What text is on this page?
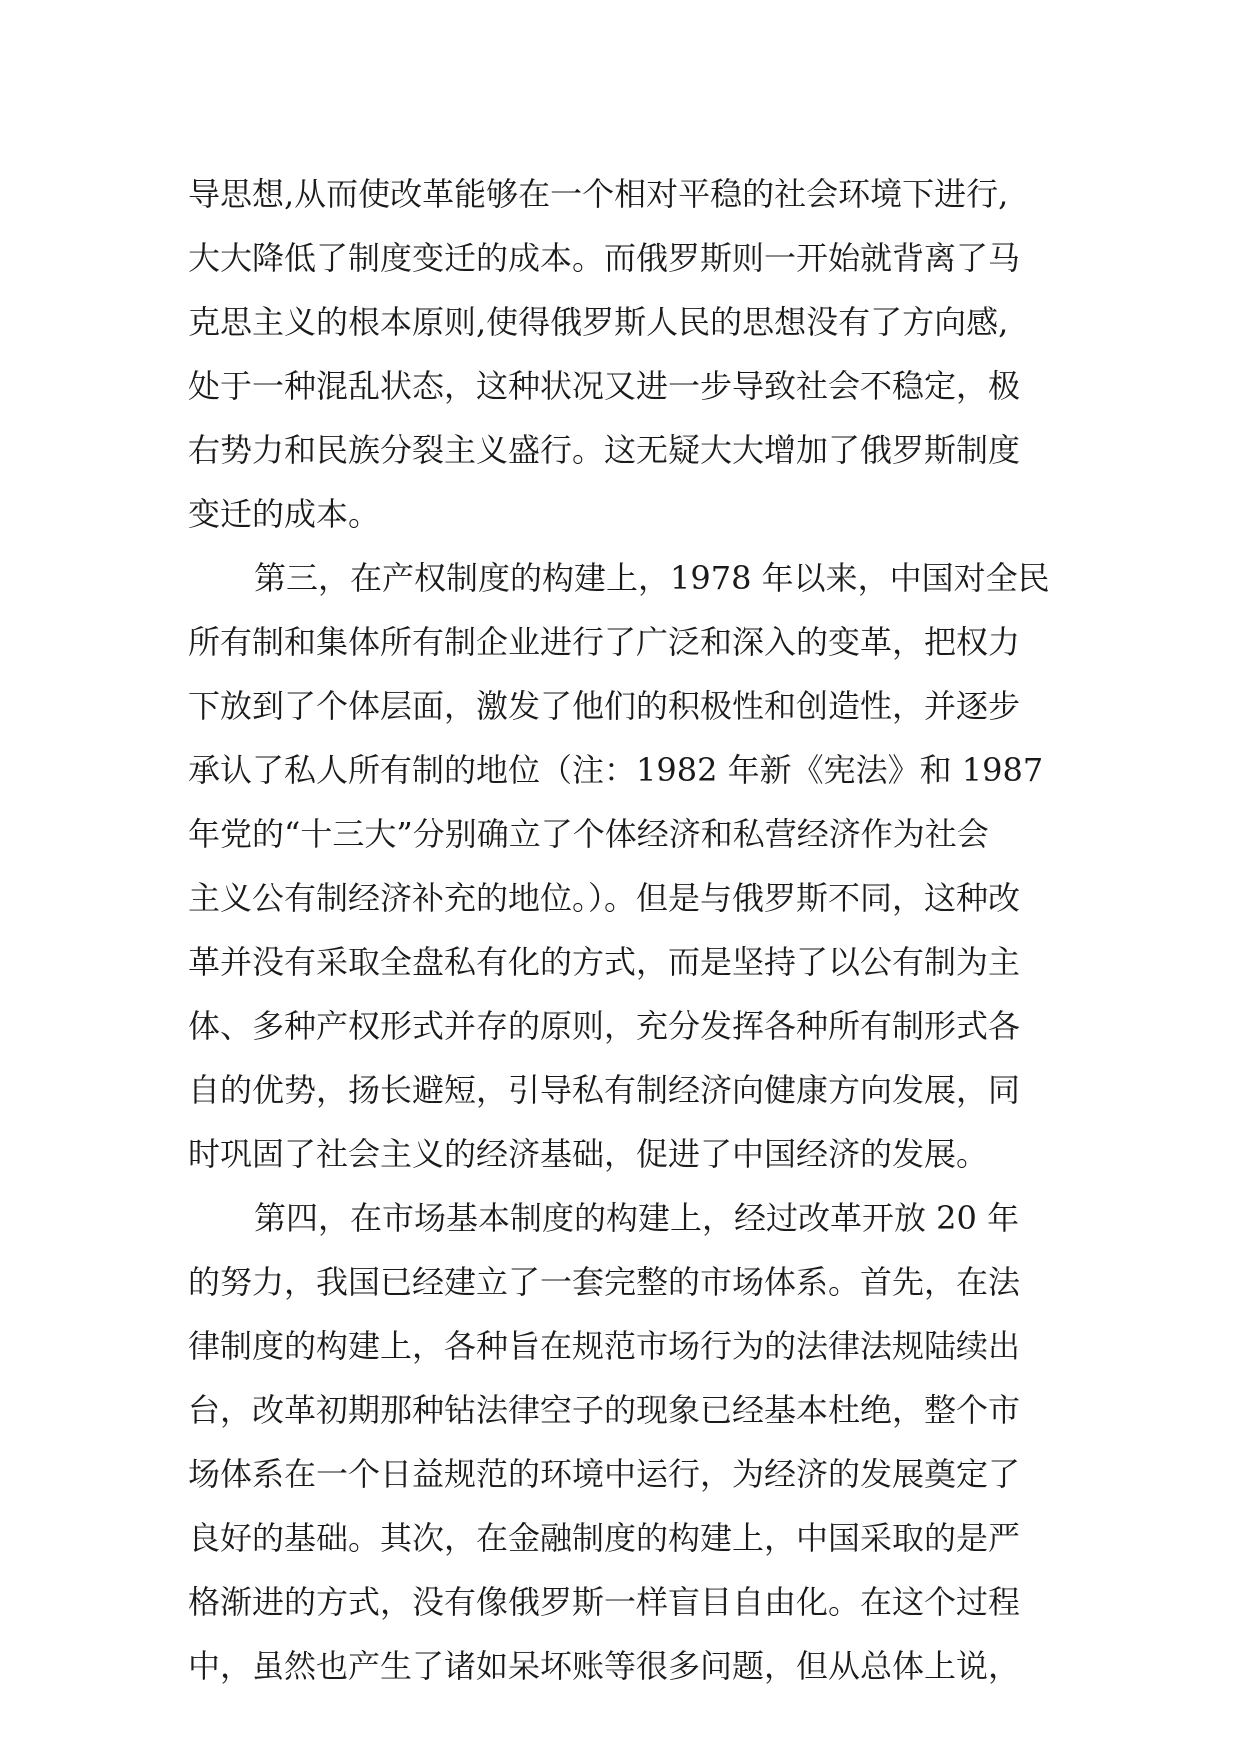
导思想,从而使改革能够在一个相对平稳的社会环境下进行,
大大降低了制度变迁的成本。而俄罗斯则一开始就背离了马
克思主义的根本原则,使得俄罗斯人民的思想没有了方向感,
处于一种混乱状态，这种状况又进一步导致社会不稳定，极
右势力和民族分裂主义盛行。这无疑大大增加了俄罗斯制度
变迁的成本。
第三，在产权制度的构建上，1978 年以来，中国对全民
所有制和集体所有制企业进行了广泛和深入的变革，把权力
下放到了个体层面，激发了他们的积极性和创造性，并逐步
承认了私人所有制的地位（注：1982 年新《宪法》和 1987
年党的“十三大”分别确立了个体经济和私营经济作为社会
主义公有制经济补充的地位。）。但是与俄罗斯不同，这种改
革并没有采取全盘私有化的方式，而是坚持了以公有制为主
体、多种产权形式并存的原则，充分发挥各种所有制形式各
自的优势，扬长避短，引导私有制经济向健康方向发展，同
时巩固了社会主义的经济基础，促进了中国经济的发展。
第四，在市场基本制度的构建上，经过改革开放 20 年
的努力，我国已经建立了一套完整的市场体系。首先，在法
律制度的构建上，各种旨在规范市场行为的法律法规陆续出
台，改革初期那种钻法律空子的现象已经基本杜绝，整个市
场体系在一个日益规范的环境中运行，为经济的发展奠定了
良好的基础。其次，在金融制度的构建上，中国采取的是严
格渐进的方式，没有像俄罗斯一样盲目自由化。在这个过程
中，虽然也产生了诸如呆坏账等很多问题，但从总体上说，
